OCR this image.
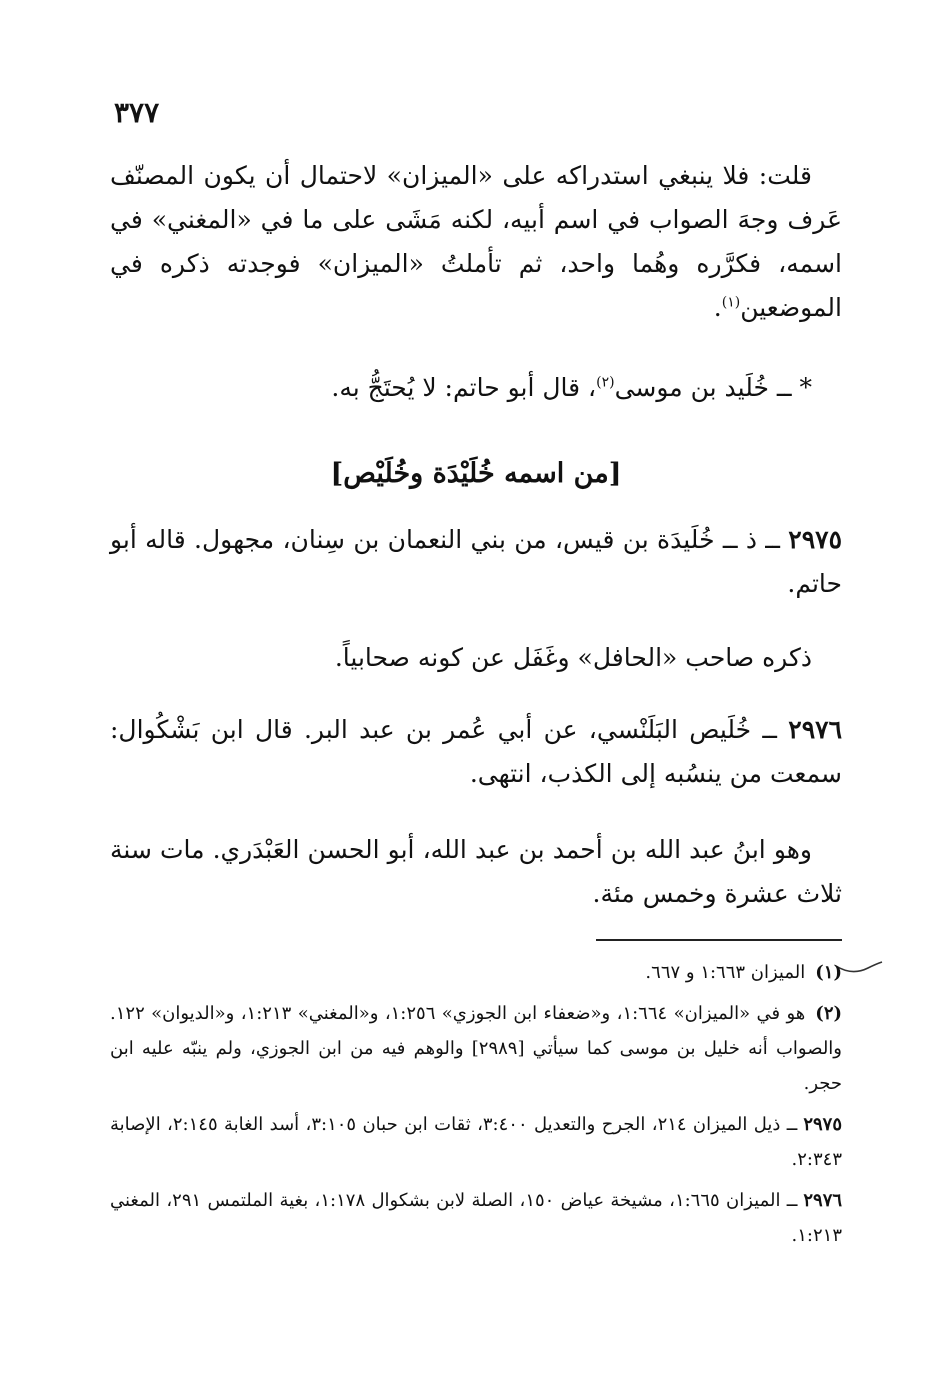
٣٧٧
قلت: فلا ينبغي استدراكه على «الميزان» لاحتمال أن يكون المصنّف عَرف وجهَ الصواب في اسم أبيه، لكنه مَشَى على ما في «المغني» في اسمه، فكرَّره وهُما واحد، ثم تأملتُ «الميزان» فوجدته ذكره في الموضعين$^{(١)}$.
* ــ خُلَيد بن موسى$^{(٢)}$، قال أبو حاتم: لا يُحتَجُّ به.
[من اسمه خُلَيْدَة وخُلَيْص]
٢٩٧٥ ــ ذ ــ خُلَيدَة بن قيس، من بني النعمان بن سِنان، مجهول. قاله أبو حاتم.
ذكره صاحب «الحافل» وغَفَل عن كونه صحابياً.
٢٩٧٦ ــ خُلَيص البَلَنْسي، عن أبي عُمر بن عبد البر. قال ابن بَشْكُوال: سمعت من ينسُبه إلى الكذب، انتهى.
وهو ابنُ عبد الله بن أحمد بن عبد الله، أبو الحسن العَبْدَري. مات سنة ثلاث عشرة وخمس مئة.
(١)الميزان ١:٦٦٣ و ٦٦٧.
(٢)هو في «الميزان» ١:٦٦٤، و«ضعفاء ابن الجوزي» ١:٢٥٦، و«المغني» ١:٢١٣، و«الديوان» ١٢٢. والصواب أنه خليل بن موسى كما سيأتي [٢٩٨٩] والوهم فيه من ابن الجوزي، ولم ينبّه عليه ابن حجر.
٢٩٧٥ــ ذيل الميزان ٢١٤، الجرح والتعديل ٣:٤٠٠، ثقات ابن حبان ٣:١٠٥، أسد الغابة ٢:١٤٥، الإصابة ٢:٣٤٣.
٢٩٧٦ــ الميزان ١:٦٦٥، مشيخة عياض ١٥٠، الصلة لابن بشكوال ١:١٧٨، بغية الملتمس ٢٩١، المغني ١:٢١٣.
